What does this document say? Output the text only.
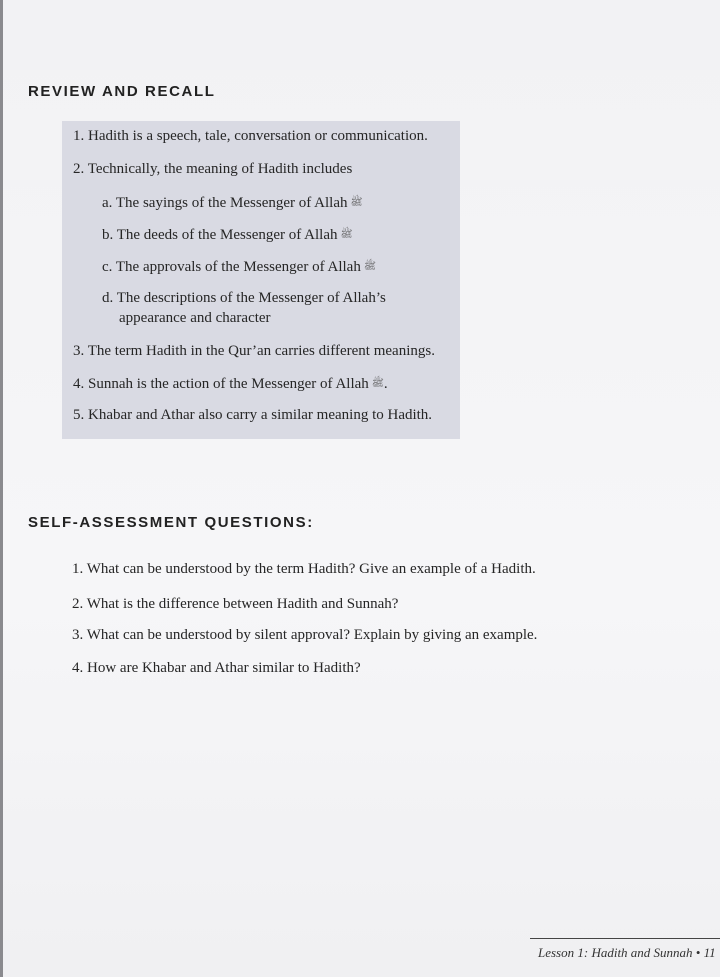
REVIEW AND RECALL
1. Hadith is a speech, tale, conversation or communication.
2. Technically, the meaning of Hadith includes
a. The sayings of the Messenger of Allah ﷺ
b. The deeds of the Messenger of Allah ﷺ
c. The approvals of the Messenger of Allah ﷺ
d. The descriptions of the Messenger of Allah’s
appearance and character
3. The term Hadith in the Qur’an carries different meanings.
4. Sunnah is the action of the Messenger of Allah ﷺ.
5. Khabar and Athar also carry a similar meaning to Hadith.
SELF-ASSESSMENT QUESTIONS:
1. What can be understood by the term Hadith? Give an example of a Hadith.
2. What is the difference between Hadith and Sunnah?
3. What can be understood by silent approval? Explain by giving an example.
4. How are Khabar and Athar similar to Hadith?
Lesson 1: Hadith and Sunnah • 11
